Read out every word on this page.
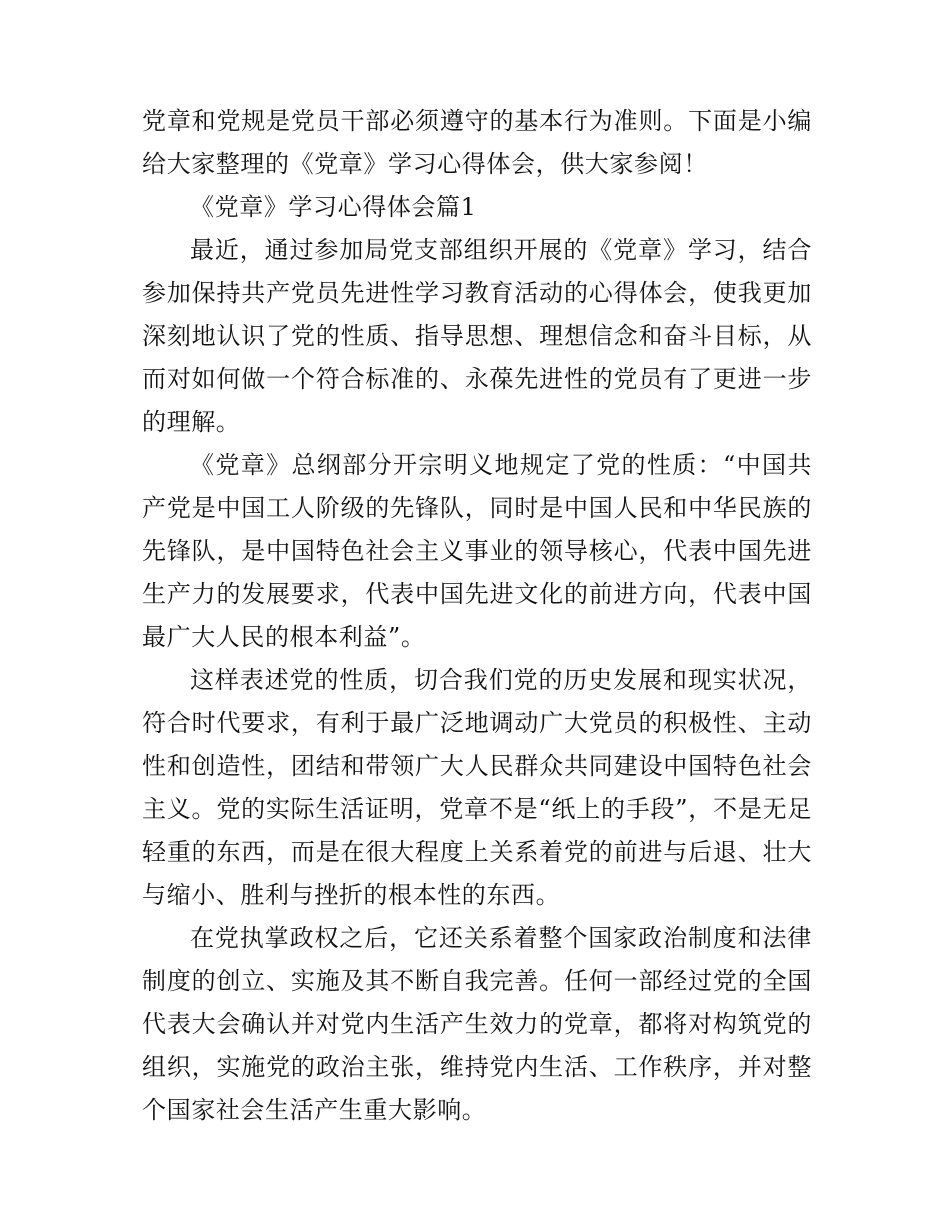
党章和党规是党员干部必须遵守的基本行为准则。下面是小编给大家整理的《党章》学习心得体会，供大家参阅！

《党章》学习心得体会篇1

最近，通过参加局党支部组织开展的《党章》学习，结合参加保持共产党员先进性学习教育活动的心得体会，使我更加深刻地认识了党的性质、指导思想、理想信念和奋斗目标，从而对如何做一个符合标准的、永葆先进性的党员有了更进一步的理解。

《党章》总纲部分开宗明义地规定了党的性质：“中国共产党是中国工人阶级的先锋队，同时是中国人民和中华民族的先锋队，是中国特色社会主义事业的领导核心，代表中国先进生产力的发展要求，代表中国先进文化的前进方向，代表中国最广大人民的根本利益”。

这样表述党的性质，切合我们党的历史发展和现实状况，符合时代要求，有利于最广泛地调动广大党员的积极性、主动性和创造性，团结和带领广大人民群众共同建设中国特色社会主义。党的实际生活证明，党章不是“纸上的手段”，不是无足轻重的东西，而是在很大程度上关系着党的前进与后退、壮大与缩小、胜利与挫折的根本性的东西。

在党执掌政权之后，它还关系着整个国家政治制度和法律制度的创立、实施及其不断自我完善。任何一部经过党的全国代表大会确认并对党内生活产生效力的党章，都将对构筑党的组织，实施党的政治主张，维持党内生活、工作秩序，并对整个国家社会生活产生重大影响。
